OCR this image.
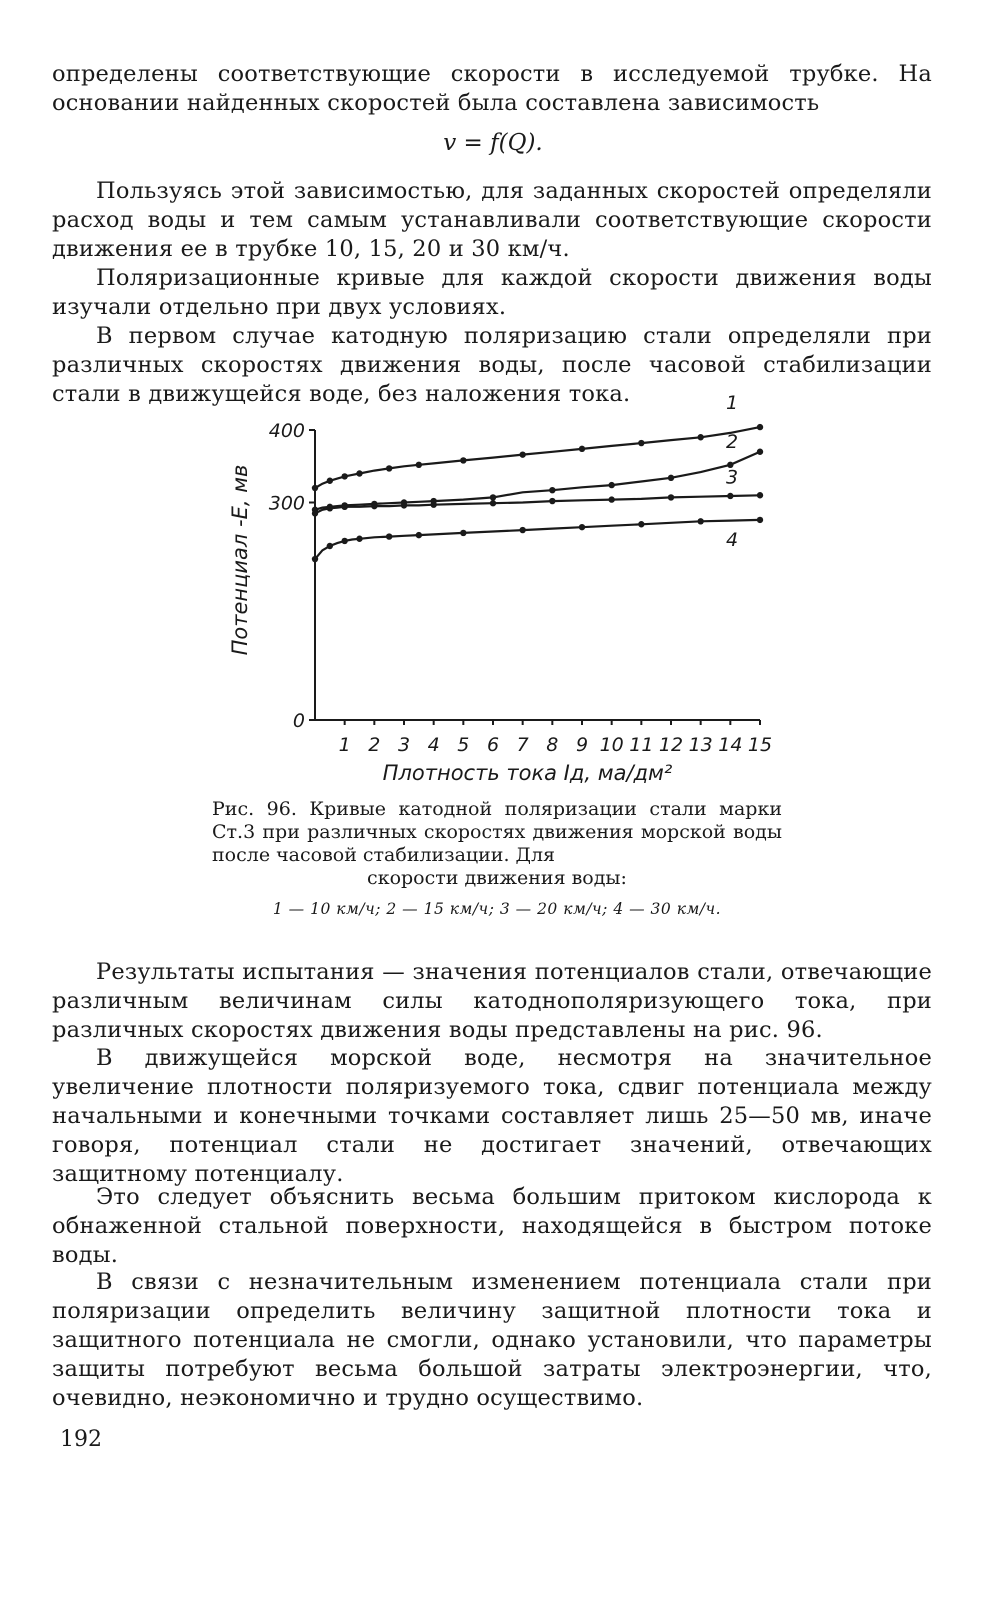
определены соответствующие скорости в исследуемой трубке. На основании найденных скоростей была составлена зависимость
v = f(Q).
Пользуясь этой зависимостью, для заданных скоростей определяли расход воды и тем самым устанавливали соответствующие скорости движения ее в трубке 10, 15, 20 и 30 км/ч.
Поляризационные кривые для каждой скорости движения воды изучали отдельно при двух условиях.
В первом случае катодную поляризацию стали определяли при различных скоростях движения воды, после часовой стабилизации стали в движущейся воде, без наложения тока.
0
300
400
1 2 3 4 5 6 7 8 9 10 11 12 13 14 15
Плотность тока Iд, ма/дм²
Потенциал -E, мв
1
2
3
4
Рис. 96. Кривые катодной поляризации стали марки Ст.3 при различных скоростях движения морской воды после часовой стабилизации. Для
скорости движения воды:
1 — 10 км/ч; 2 — 15 км/ч; 3 — 20 км/ч; 4 — 30 км/ч.
Результаты испытания — значения потенциалов стали, отвечающие различным величинам силы катоднополяризующего тока, при различных скоростях движения воды представлены на рис. 96.
В движущейся морской воде, несмотря на значительное увеличение плотности поляризуемого тока, сдвиг потенциала между начальными и конечными точками составляет лишь 25—50 мв, иначе говоря, потенциал стали не достигает значений, отвечающих защитному потенциалу.
Это следует объяснить весьма большим притоком кислорода к обнаженной стальной поверхности, находящейся в быстром потоке воды.
В связи с незначительным изменением потенциала стали при поляризации определить величину защитной плотности тока и защитного потенциала не смогли, однако установили, что параметры защиты потребуют весьма большой затраты электроэнергии, что, очевидно, неэкономично и трудно осуществимо.
192
